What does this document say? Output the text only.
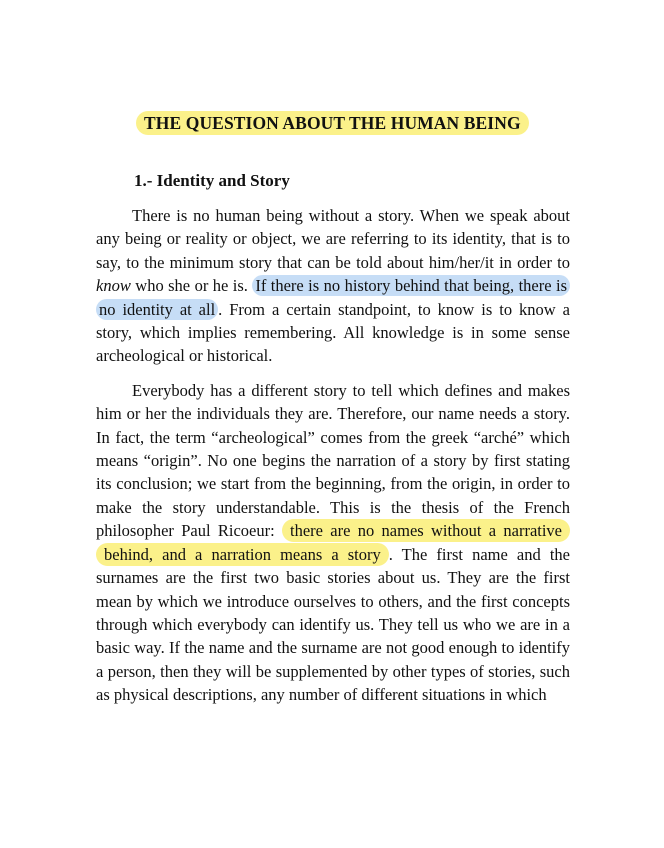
THE QUESTION ABOUT THE HUMAN BEING
1.- Identity and Story

There is no human being without a story. When we speak about any being or reality or object, we are referring to its identity, that is to say, to the minimum story that can be told about him/her/it in order to know who she or he is. If there is no history behind that being, there is no identity at all . From a certain standpoint, to know is to know a story, which implies remembering. All knowledge is in some sense archeological or historical.

Everybody has a different story to tell which defines and makes him or her the individuals they are. Therefore, our name needs a story. In fact, the term “archeological” comes from the greek “arché” which means “origin”. No one begins the narration of a story by first stating its conclusion; we start from the beginning, from the origin, in order to make the story understandable. This is the thesis of the French philosopher Paul Ricoeur: there are no names without a narrative behind, and a narration means a story . The first name and the surnames are the first two basic stories about us. They are the first mean by which we introduce ourselves to others, and the first concepts through which everybody can identify us. They tell us who we are in a basic way. If the name and the surname are not good enough to identify a person, then they will be supplemented by other types of stories, such as physical descriptions, any number of different situations in which
